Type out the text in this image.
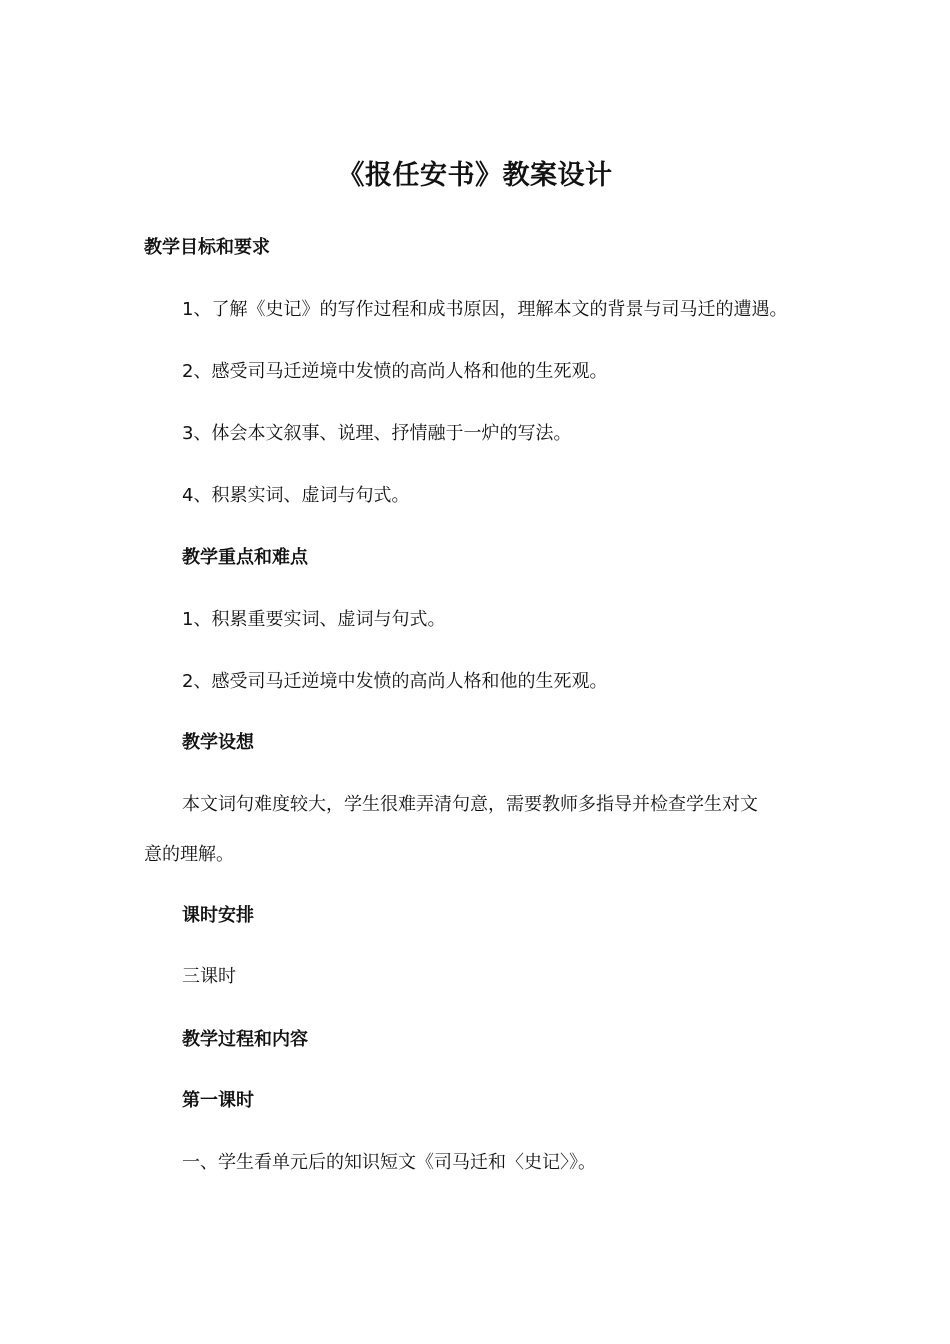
《报任安书》教案设计
教学目标和要求
1、了解《史记》的写作过程和成书原因，理解本文的背景与司马迁的遭遇。
2、感受司马迁逆境中发愤的高尚人格和他的生死观。
3、体会本文叙事、说理、抒情融于一炉的写法。
4、积累实词、虚词与句式。
教学重点和难点
1、积累重要实词、虚词与句式。
2、感受司马迁逆境中发愤的高尚人格和他的生死观。
教学设想
本文词句难度较大，学生很难弄清句意，需要教师多指导并检查学生对文
意的理解。
课时安排
三课时
教学过程和内容
第一课时
一、学生看单元后的知识短文《司马迁和〈史记〉》。
